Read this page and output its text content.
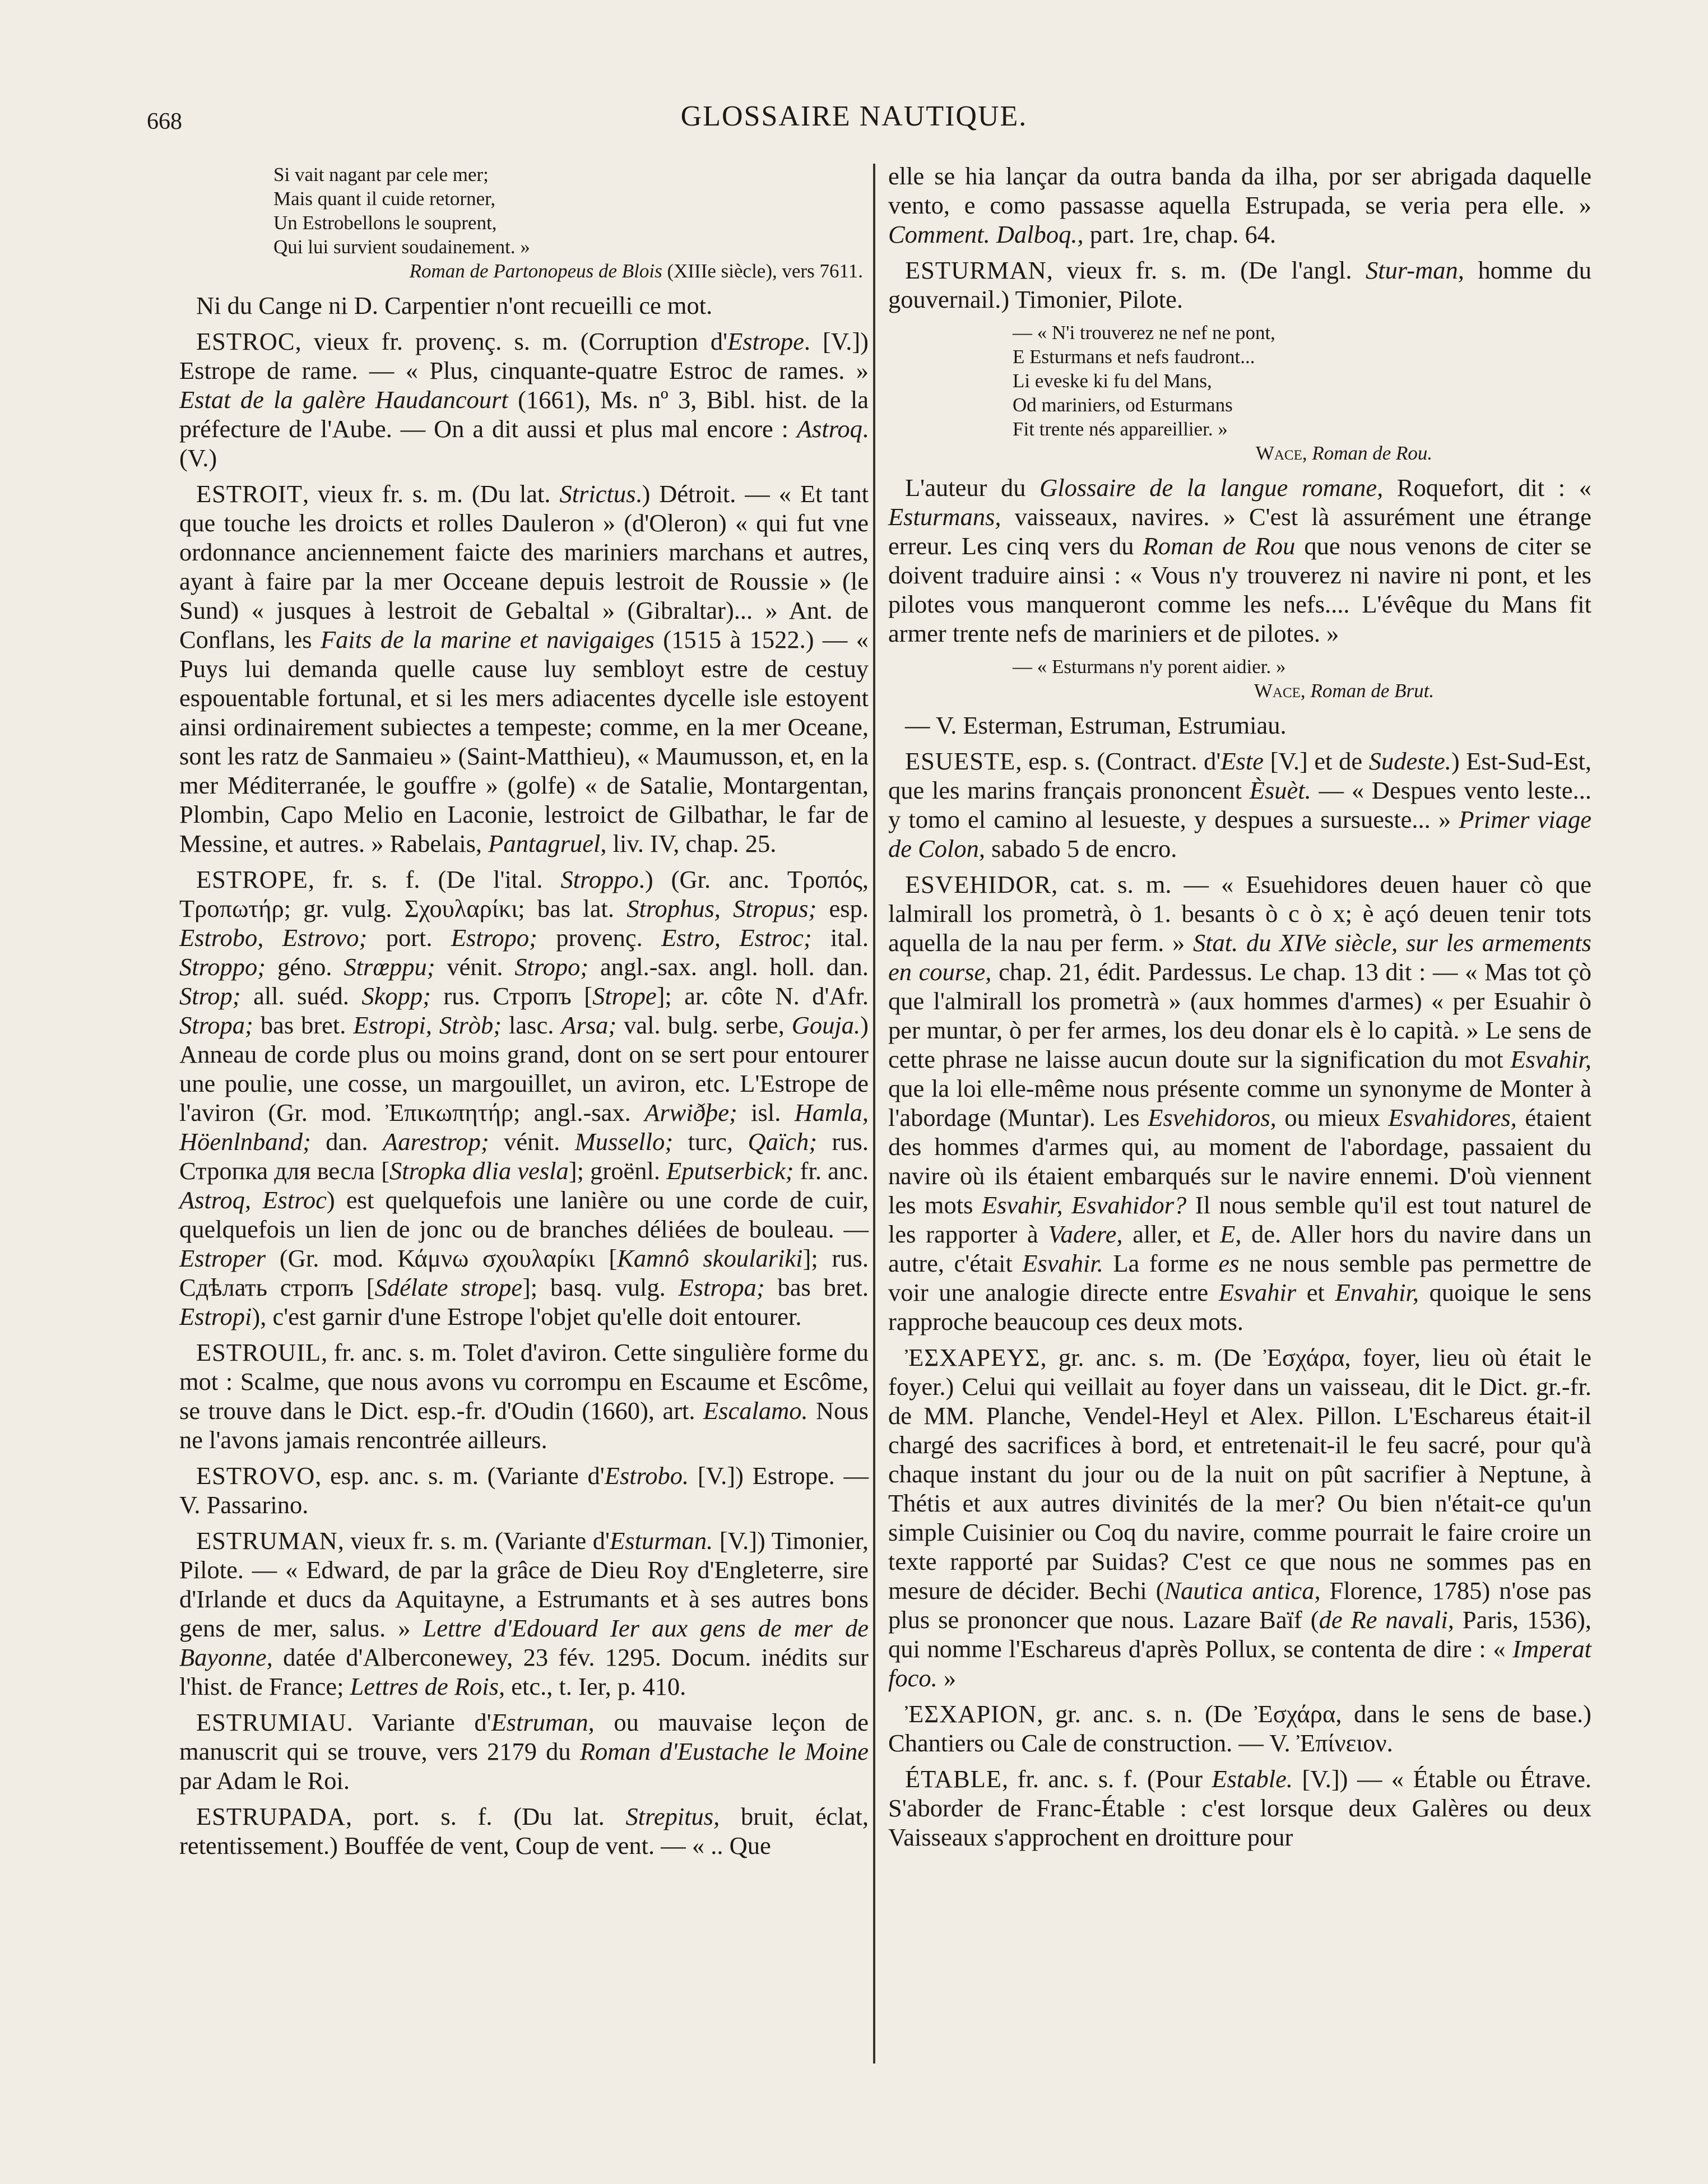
668	GLOSSAIRE NAUTIQUE.
Si vait nagant par cele mer;
Mais quant il cuide retorner,
Un Estrobellons le souprent,
Qui lui survient soudainement. »
Roman de Partonopeus de Blois (XIIIe siècle), vers 7611.

Ni du Cange ni D. Carpentier n'ont recueilli ce mot.

ESTROC, vieux fr. provenç. s. m. (Corruption d'Estrope. [V.]) Estrope de rame. — « Plus, cinquante-quatre Estroc de rames. » Estat de la galère Haudancourt (1661), Ms. nº 3, Bibl. hist. de la préfecture de l'Aube. — On a dit aussi et plus mal encore : Astroq. (V.)

ESTROIT, vieux fr. s. m. (Du lat. Strictus.) Détroit. — « Et tant que touche les droicts et rolles Dauleron » (d'Oleron) « qui fut vne ordonnance anciennement faicte des mariniers marchans et autres, ayant à faire par la mer Occeane depuis lestroit de Roussie » (le Sund) « jusques à lestroit de Gebaltal » (Gibraltar)... » Ant. de Conflans, les Faits de la marine et navigaiges (1515 à 1522.) — « Puys lui demanda quelle cause luy sembloyt estre de cestuy espouentable fortunal, et si les mers adiacentes dycelle isle estoyent ainsi ordinairement subiectes a tempeste; comme, en la mer Oceane, sont les ratz de Sanmaieu » (Saint-Matthieu), « Maumusson, et, en la mer Méditerranée, le gouffre » (golfe) « de Satalie, Montargentan, Plombin, Capo Melio en Laconie, lestroict de Gilbathar, le far de Messine, et autres. » Rabelais, Pantagruel, liv. IV, chap. 25.

ESTROPE, fr. s. f. (De l'ital. Stroppo.) (Gr. anc. Τροπός, Τροπωτήρ; gr. vulg. Σχουλαρίκι; bas lat. Strophus, Stropus; esp. Estrobo, Estrovo; port. Estropo; provenç. Estro, Estroc; ital. Stroppo; géno. Strœppu; vénit. Stropo; angl.-sax. angl. holl. dan. Strop; all. suéd. Skopp; rus. Стропъ [Strope]; ar. côte N. d'Afr. Stropa; bas bret. Estropi, Stròb; lasc. Arsa; val. bulg. serbe, Gouja.) Anneau de corde plus ou moins grand, dont on se sert pour entourer une poulie, une cosse, un margouillet, un aviron, etc. L'Estrope de l'aviron (Gr. mod. Ἐπικωπητήρ; angl.-sax. Arwiðþe; isl. Hamla, Höenlnband; dan. Aarestrop; vénit. Mussello; turc, Qaïch; rus. Стропка для весла [Stropka dlia vesla]; groënl. Eputserbick; fr. anc. Astroq, Estroc) est quelquefois une lanière ou une corde de cuir, quelquefois un lien de jonc ou de branches déliées de bouleau. — Estroper (Gr. mod. Κάμνω σχουλαρίκι [Kamnô skoulariki]; rus. Сдѣлать стропъ [Sdélate strope]; basq. vulg. Estropa; bas bret. Estropi), c'est garnir d'une Estrope l'objet qu'elle doit entourer.

ESTROUIL, fr. anc. s. m. Tolet d'aviron. Cette singulière forme du mot : Scalme, que nous avons vu corrompu en Escaume et Escôme, se trouve dans le Dict. esp.-fr. d'Oudin (1660), art. Escalamo. Nous ne l'avons jamais rencontrée ailleurs.

ESTROVO, esp. anc. s. m. (Variante d'Estrobo. [V.]) Estrope. — V. Passarino.

ESTRUMAN, vieux fr. s. m. (Variante d'Esturman. [V.]) Timonier, Pilote. — « Edward, de par la grâce de Dieu Roy d'Engleterre, sire d'Irlande et ducs da Aquitayne, a Estrumants et à ses autres bons gens de mer, salus. » Lettre d'Edouard Ier aux gens de mer de Bayonne, datée d'Alberconewey, 23 fév. 1295. Docum. inédits sur l'hist. de France; Lettres de Rois, etc., t. Ier, p. 410.

ESTRUMIAU. Variante d'Estruman, ou mauvaise leçon de manuscrit qui se trouve, vers 2179 du Roman d'Eustache le Moine par Adam le Roi.

ESTRUPADA, port. s. f. (Du lat. Strepitus, bruit, éclat, retentissement.) Bouffée de vent, Coup de vent. — « .. Que

elle se hia lançar da outra banda da ilha, por ser abrigada daquelle vento, e como passasse aquella Estrupada, se veria pera elle. » Comment. Dalboq., part. 1re, chap. 64.

ESTURMAN, vieux fr. s. m. (De l'angl. Stur-man, homme du gouvernail.) Timonier, Pilote.

— « N'i trouverez ne nef ne pont,
E Esturmans et nefs faudront...
Li eveske ki fu del Mans,
Od mariniers, od Esturmans
Fit trente nés appareillier. »
Wace, Roman de Rou.

L'auteur du Glossaire de la langue romane, Roquefort, dit : « Esturmans, vaisseaux, navires. » C'est là assurément une étrange erreur. Les cinq vers du Roman de Rou que nous venons de citer se doivent traduire ainsi : « Vous n'y trouverez ni navire ni pont, et les pilotes vous manqueront comme les nefs.... L'évêque du Mans fit armer trente nefs de mariniers et de pilotes. »

— « Esturmans n'y porent aidier. »
Wace, Roman de Brut.

— V. Esterman, Estruman, Estrumiau.

ESUESTE, esp. s. (Contract. d'Este [V.] et de Sudeste.) Est-Sud-Est, que les marins français prononcent Èsuèt. — « Despues vento leste... y tomo el camino al lesueste, y despues a sursueste... » Primer viage de Colon, sabado 5 de encro.

ESVEHIDOR, cat. s. m. — « Esuehidores deuen hauer cò que lalmirall los prometrà, ò 1. besants ò c ò x; è açó deuen tenir tots aquella de la nau per ferm. » Stat. du XIVe siècle, sur les armements en course, chap. 21, édit. Pardessus. Le chap. 13 dit : — « Mas tot çò que l'almirall los prometrà » (aux hommes d'armes) « per Esuahir ò per muntar, ò per fer armes, los deu donar els è lo capità. » Le sens de cette phrase ne laisse aucun doute sur la signification du mot Esvahir, que la loi elle-même nous présente comme un synonyme de Monter à l'abordage (Muntar). Les Esvehidoros, ou mieux Esvahidores, étaient des hommes d'armes qui, au moment de l'abordage, passaient du navire où ils étaient embarqués sur le navire ennemi. D'où viennent les mots Esvahir, Esvahidor? Il nous semble qu'il est tout naturel de les rapporter à Vadere, aller, et E, de. Aller hors du navire dans un autre, c'était Esvahir. La forme es ne nous semble pas permettre de voir une analogie directe entre Esvahir et Envahir, quoique le sens rapproche beaucoup ces deux mots.

ἘΣΧΑΡΕΥΣ, gr. anc. s. m. (De Ἐσχάρα, foyer, lieu où était le foyer.) Celui qui veillait au foyer dans un vaisseau, dit le Dict. gr.-fr. de MM. Planche, Vendel-Heyl et Alex. Pillon. L'Eschareus était-il chargé des sacrifices à bord, et entretenait-il le feu sacré, pour qu'à chaque instant du jour ou de la nuit on pût sacrifier à Neptune, à Thétis et aux autres divinités de la mer? Ou bien n'était-ce qu'un simple Cuisinier ou Coq du navire, comme pourrait le faire croire un texte rapporté par Suidas? C'est ce que nous ne sommes pas en mesure de décider. Bechi (Nautica antica, Florence, 1785) n'ose pas plus se prononcer que nous. Lazare Baïf (de Re navali, Paris, 1536), qui nomme l'Eschareus d'après Pollux, se contenta de dire : « Imperat foco. »

ἘΣΧΑΡΙΟΝ, gr. anc. s. n. (De Ἐσχάρα, dans le sens de base.) Chantiers ou Cale de construction. — V. Ἐπίνειον.

ÉTABLE, fr. anc. s. f. (Pour Estable. [V.]) — « Étable ou Étrave. S'aborder de Franc-Étable : c'est lorsque deux Galères ou deux Vaisseaux s'approchent en droitture pour
